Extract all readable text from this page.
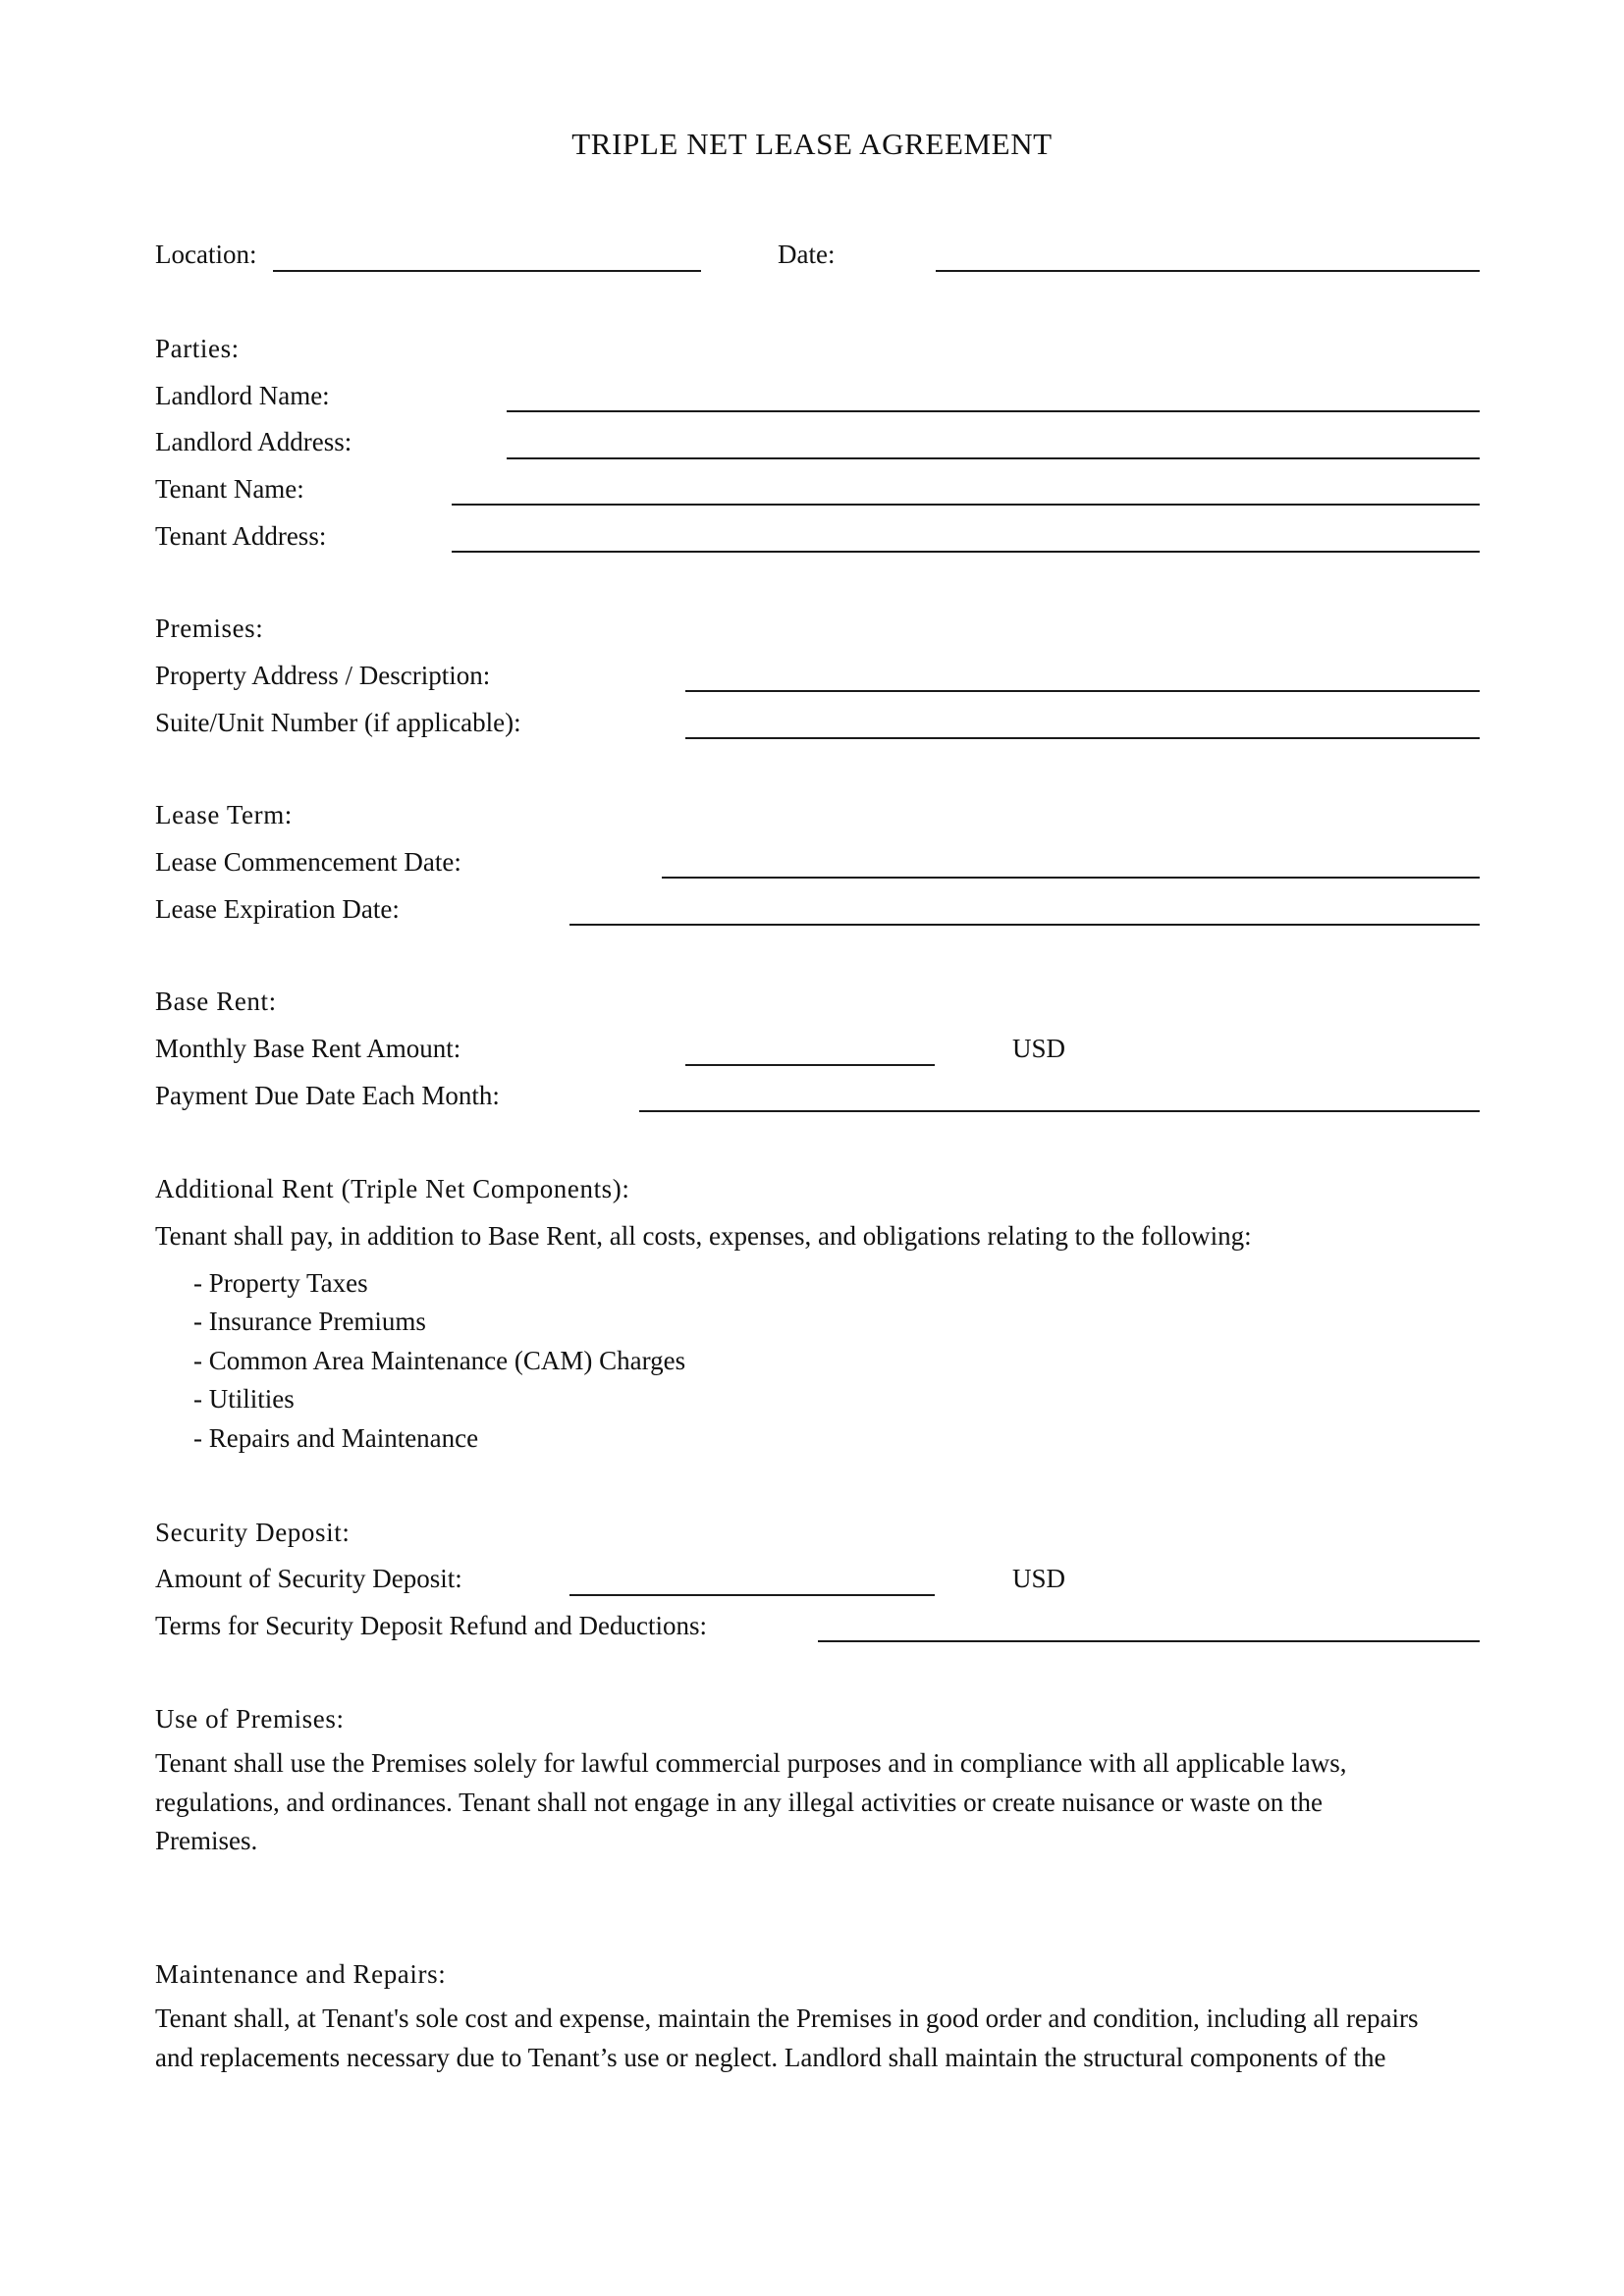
TRIPLE NET LEASE AGREEMENT
Location:	Date:
Parties:
Landlord Name:
Landlord Address:
Tenant Name:
Tenant Address:
Premises:
Property Address / Description:
Suite/Unit Number (if applicable):
Lease Term:
Lease Commencement Date:
Lease Expiration Date:
Base Rent:
Monthly Base Rent Amount:	USD
Payment Due Date Each Month:
Additional Rent (Triple Net Components):
Tenant shall pay, in addition to Base Rent, all costs, expenses, and obligations relating to the following:
- Property Taxes
- Insurance Premiums
- Common Area Maintenance (CAM) Charges
- Utilities
- Repairs and Maintenance
Security Deposit:
Amount of Security Deposit:	USD
Terms for Security Deposit Refund and Deductions:
Use of Premises:
Tenant shall use the Premises solely for lawful commercial purposes and in compliance with all applicable laws,
regulations, and ordinances. Tenant shall not engage in any illegal activities or create nuisance or waste on the
Premises.
Maintenance and Repairs:
Tenant shall, at Tenant's sole cost and expense, maintain the Premises in good order and condition, including all repairs
and replacements necessary due to Tenant’s use or neglect. Landlord shall maintain the structural components of the
